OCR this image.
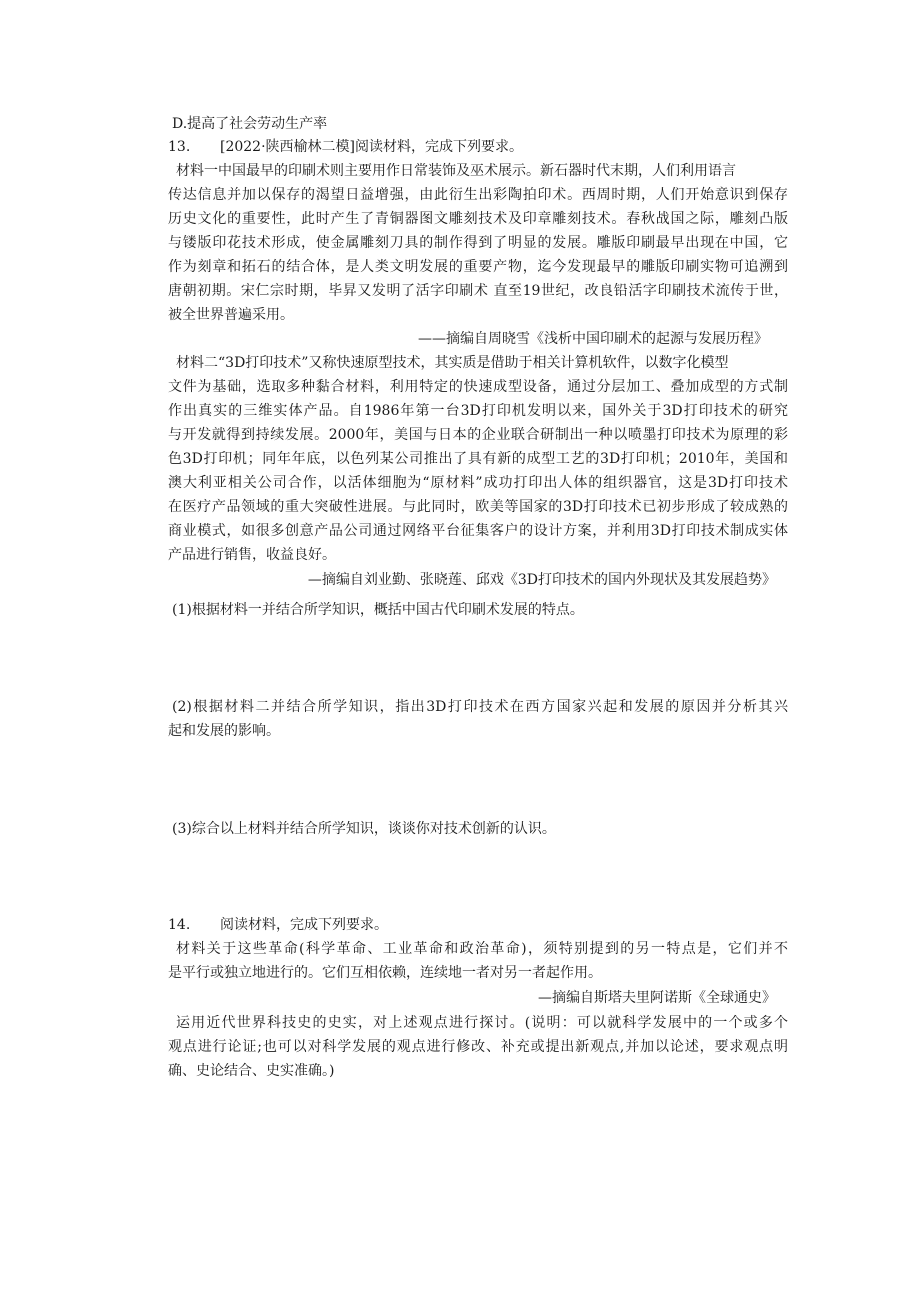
D.提高了社会劳动生产率

13. [2022·陕西榆林二模]阅读材料，完成下列要求。

材料一中国最早的印刷术则主要用作日常装饰及巫术展示。新石器时代末期，人们利用语言

传达信息并加以保存的渴望日益增强，由此衍生出彩陶拍印术。西周时期，人们开始意识到保存

历史文化的重要性，此时产生了青铜器图文雕刻技术及印章雕刻技术。春秋战国之际，雕刻凸版

与镂版印花技术形成，使金属雕刻刀具的制作得到了明显的发展。雕版印刷最早出现在中国，它

作为刻章和拓石的结合体，是人类文明发展的重要产物，迄今发现最早的雕版印刷实物可追溯到

唐朝初期。宋仁宗时期，毕昇又发明了活字印刷术 直至19世纪，改良铅活字印刷技术流传于世，

被全世界普遍采用。

——摘编自周晓雪《浅析中国印刷术的起源与发展历程》

材料二“3D打印技术”又称快速原型技术，其实质是借助于相关计算机软件，以数字化模型

文件为基础，选取多种黏合材料，利用特定的快速成型设备，通过分层加工、叠加成型的方式制

作出真实的三维实体产品。自1986年第一台3D打印机发明以来，国外关于3D打印技术的研究

与开发就得到持续发展。2000年，美国与日本的企业联合研制出一种以喷墨打印技术为原理的彩

色3D打印机；同年年底，以色列某公司推出了具有新的成型工艺的3D打印机；2010年，美国和

澳大利亚相关公司合作，以活体细胞为“原材料”成功打印出人体的组织器官，这是3D打印技术

在医疗产品领域的重大突破性进展。与此同时，欧美等国家的3D打印技术已初步形成了较成熟的

商业模式，如很多创意产品公司通过网络平台征集客户的设计方案，并利用3D打印技术制成实体

产品进行销售，收益良好。

—摘编自刘业勤、张晓莲、邱戏《3D打印技术的国内外现状及其发展趋势》

(1)根据材料一并结合所学知识，概括中国古代印刷术发展的特点。

(2)根据材料二并结合所学知识，指出3D打印技术在西方国家兴起和发展的原因并分析其兴

起和发展的影响。

(3)综合以上材料并结合所学知识，谈谈你对技术创新的认识。

14. 阅读材料，完成下列要求。

材料关于这些革命(科学革命、工业革命和政治革命)，须特别提到的另一特点是，它们并不

是平行或独立地进行的。它们互相依赖，连续地一者对另一者起作用。

—摘编自斯塔夫里阿诺斯《全球通史》

运用近代世界科技史的史实，对上述观点进行探讨。(说明：可以就科学发展中的一个或多个

观点进行论证;也可以对科学发展的观点进行修改、补充或提出新观点,并加以论述，要求观点明

确、史论结合、史实准确。)
